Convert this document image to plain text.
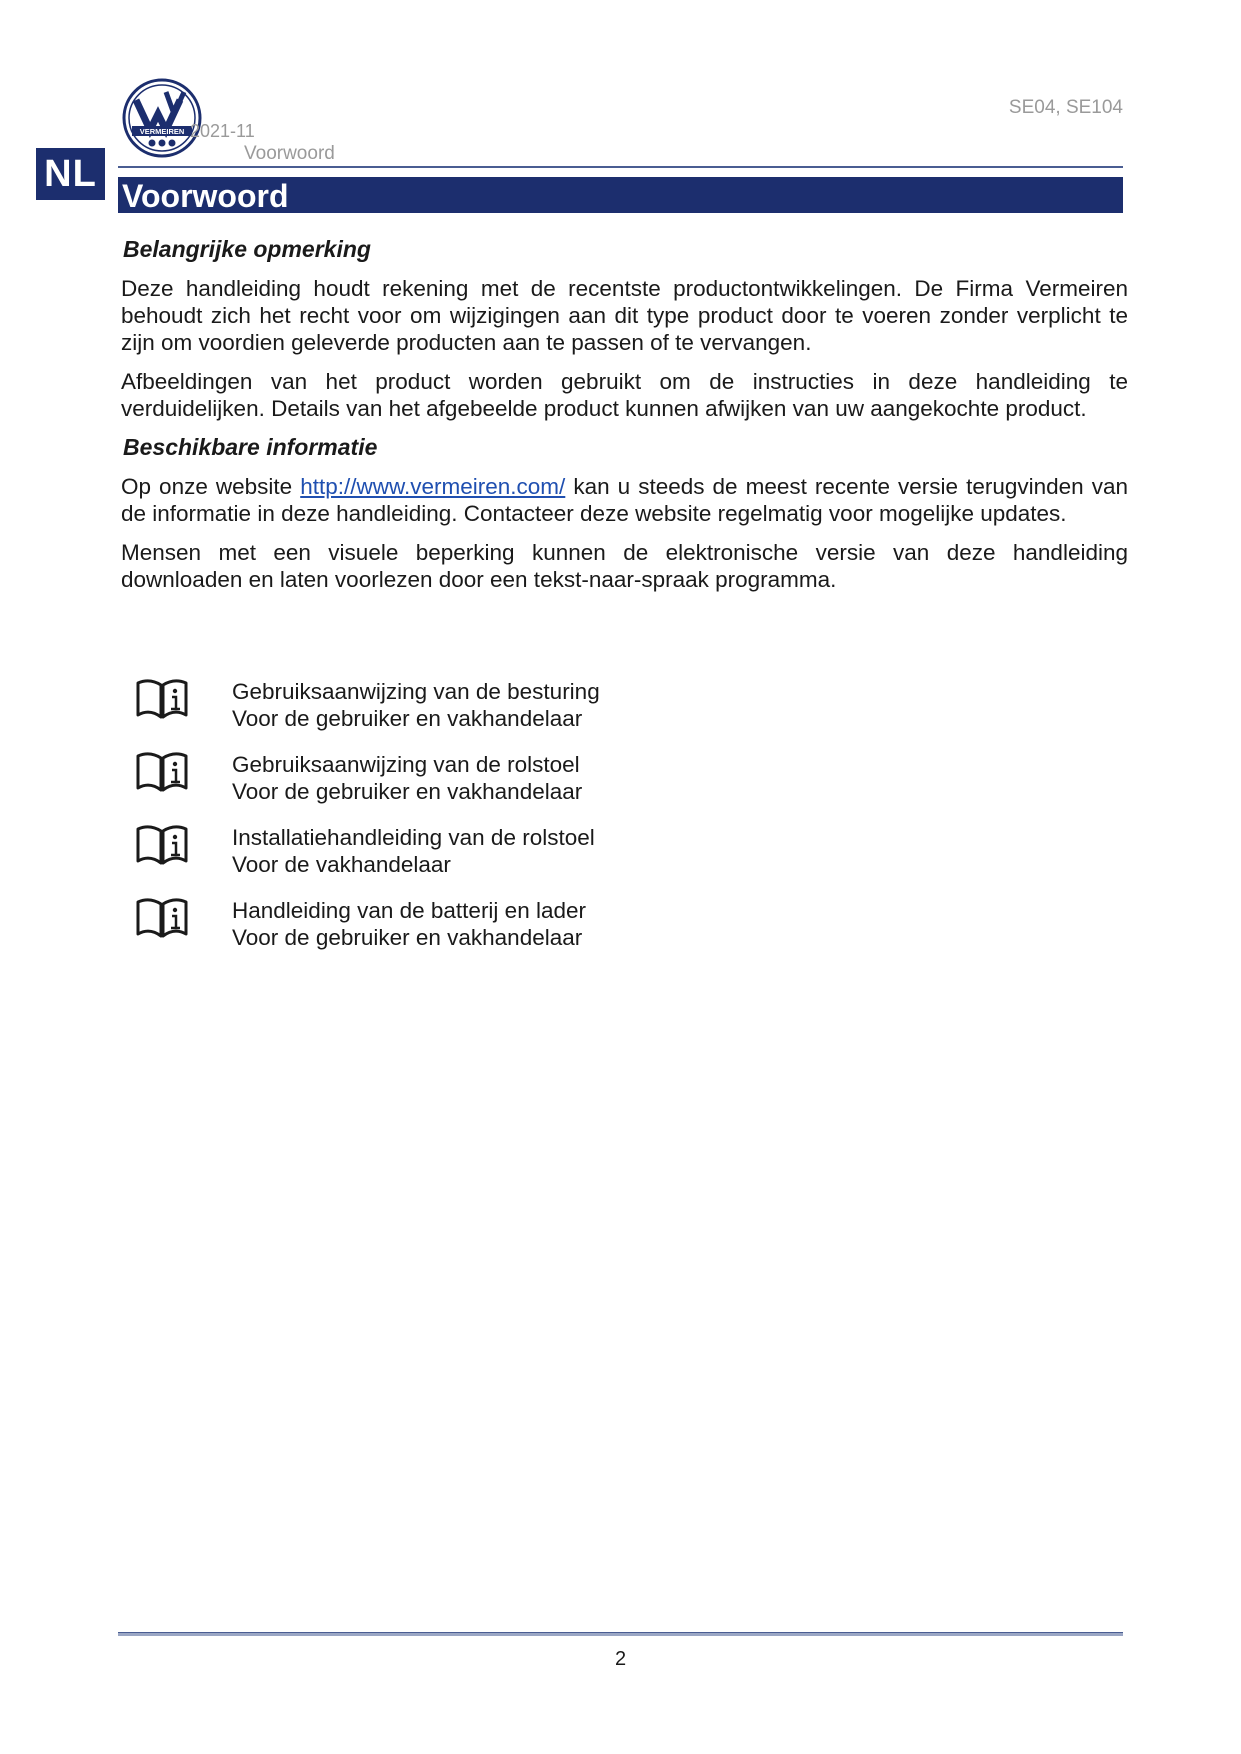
VERMEIREN 2021-11
Voorwoord
SE04, SE104
NL
Voorwoord
Belangrijke opmerking

Deze handleiding houdt rekening met de recentste productontwikkelingen. De Firma Vermeiren behoudt zich het recht voor om wijzigingen aan dit type product door te voeren zonder verplicht te zijn om voordien geleverde producten aan te passen of te vervangen.

Afbeeldingen van het product worden gebruikt om de instructies in deze handleiding te verduidelijken. Details van het afgebeelde product kunnen afwijken van uw aangekochte product.

Beschikbare informatie

Op onze website http://www.vermeiren.com/ kan u steeds de meest recente versie terugvinden van de informatie in deze handleiding. Contacteer deze website regelmatig voor mogelijke updates.

Mensen met een visuele beperking kunnen de elektronische versie van deze handleiding downloaden en laten voorlezen door een tekst-naar-spraak programma.

Gebruiksaanwijzing van de besturing
Voor de gebruiker en vakhandelaar
Gebruiksaanwijzing van de rolstoel
Voor de gebruiker en vakhandelaar
Installatiehandleiding van de rolstoel
Voor de vakhandelaar
Handleiding van de batterij en lader
Voor de gebruiker en vakhandelaar
2
